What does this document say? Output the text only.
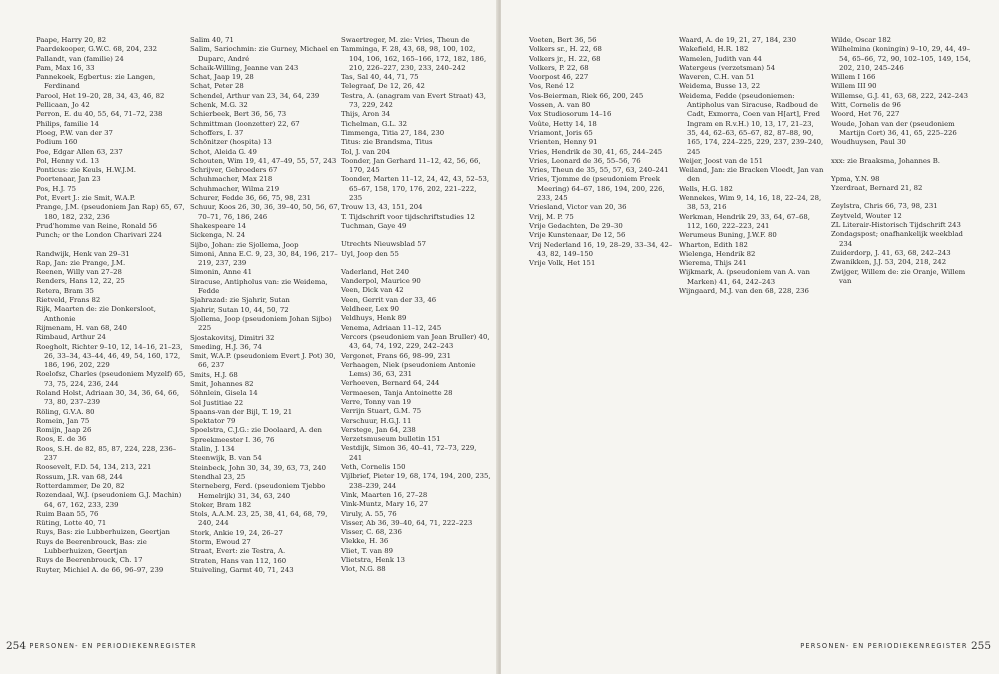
Paape, Harry 20, 82
Paardekooper, G.W.C. 68, 204, 232
Pallandt, van (familie) 24
Pam, Max 16, 33
Pannekoek, Egbertus: zie Langen, Ferdinand
Parool, Het 19–20, 28, 34, 43, 46, 82
Pellicaan, Jo 42
Perron, E. du 40, 55, 64, 71–72, 238
Philips, familie 14
Ploeg, P.W. van der 37
Podium 160
Poe, Edgar Allen 63, 237
Pol, Henny v.d. 13
Ponticus: zie Keuls, H.W.J.M.
Poortenaar, Jan 23
Pos, H.J. 75
Pot, Evert J.: zie Smit, W.A.P.
Prange, J.M. (pseudoniem Jan Rap) 65, 67, 180, 182, 232, 236
Prud'homme van Reine, Ronald 56
Punch; or the London Charivari 224
Randwijk, Henk van 29–31
Rap, Jan: zie Prange, J.M.
Reenen, Willy van 27–28
Renders, Hans 12, 22, 25
Retera, Bram 35
Rietveld, Frans 82
Rijk, Maarten de: zie Donkersloot, Anthonie
Rijmenam, H. van 68, 240
Rimbaud, Arthur 24
Roegholt, Richter 9–10, 12, 14–16, 21–23, 26, 33–34, 43–44, 46, 49, 54, 160, 172, 186, 196, 202, 229
Roelofsz, Charles (pseudoniem Myzelf) 65, 73, 75, 224, 236, 244
Roland Holst, Adriaan 30, 34, 36, 64, 66, 73, 80, 237–239
Röling, G.V.A. 80
Romein, Jan 75
Romijn, Jaap 26
Roos, E. de 36
Roos, S.H. de 82, 85, 87, 224, 228, 236–237
Roosevelt, F.D. 54, 134, 213, 221
Rossum, J.R. van 68, 244
Rotterdammer, De 20, 82
Rozendaal, W.J. (pseudoniem G.J. Machin) 64, 67, 162, 233, 239
Ruim Baan 55, 76
Rüting, Lotte 40, 71
Ruys, Bas: zie Lubberhuizen, Geertjan
Ruys de Beerenbrouck, Bas: zie Lubberhuizen, Geertjan
Ruys de Beerenbrouck, Ch. 17
Ruyter, Michiel A. de 66, 96–97, 239
Salim 40, 71
Salim, Sariochmin: zie Gurney, Michael en Duparc, André
Schaik-Willing, Jeanne van 243
Schat, Jaap 19, 28
Schat, Peter 28
Schendel, Arthur van 23, 34, 64, 239
Schenk, M.G. 32
Schierbeek, Bert 36, 56, 73
Schmittman (loonzetter) 22, 67
Schoffers, I. 37
Schönitzer (hospita) 13
Schot, Aleida G. 49
Schouten, Wim 19, 41, 47–49, 55, 57, 243
Schrijver, Gebroeders 67
Schuhmacher, Max 218
Schuhmacher, Wilma 219
Schurer, Fedde 36, 66, 75, 98, 231
Schuur, Koos 26, 30, 36, 39–40, 50, 56, 67, 70–71, 76, 186, 246
Shakespeare 14
Sickenga, N. 24
Sijbo, Johan: zie Sjollema, Joop
Simoni, Anna E.C. 9, 23, 30, 84, 196, 217–219, 237, 239
Simonin, Anne 41
Siracuse, Antipholus van: zie Weidema, Fedde
Sjahrazad: zie Sjahrir, Sutan
Sjahrir, Sutan 10, 44, 50, 72
Sjollema, Joop (pseudoniem Johan Sijbo) 225
Sjostakovitsj, Dimitri 32
Smeding, H.J. 36, 74
Smit, W.A.P. (pseudoniem Evert J. Pot) 30, 66, 237
Smits, H.J. 68
Smit, Johannes 82
Söhnlein, Gisela 14
Sol Justitiae 22
Spaans-van der Bijl, T. 19, 21
Spektator 79
Spoelstra, C.J.G.: zie Doolaard, A. den
Spreekmeester I. 36, 76
Stalin, J. 134
Steenwijk, B. van 54
Steinbeck, John 30, 34, 39, 63, 73, 240
Stendhal 23, 25
Sterneberg, Ferd. (pseudoniem Tjebbo Hemelrijk) 31, 34, 63, 240
Stoker, Bram 182
Stols, A.A.M. 23, 25, 38, 41, 64, 68, 79, 240, 244
Stork, Ankie 19, 24, 26–27
Storm, Ewoud 27
Straat, Evert: zie Testra, A.
Straten, Hans van 112, 160
Stuiveling, Garmt 40, 71, 243
Swaertreger, M. zie: Vries, Theun de
Tamminga, F. 28, 43, 68, 98, 100, 102, 104, 106, 162, 165–166, 172, 182, 186, 210, 226–227, 230, 233, 240–242
Tas, Sal 40, 44, 71, 75
Telegraaf, De 12, 26, 42
Testra, A. (anagram van Evert Straat) 43, 73, 229, 242
Thijs, Aron 34
Tichelman, G.L. 32
Timmenga, Titia 27, 184, 230
Titus: zie Brandsma, Titus
Tol, J. van 204
Toonder, Jan Gerhard 11–12, 42, 56, 66, 170, 245
Toonder, Marten 11–12, 24, 42, 43, 52–53, 65–67, 158, 170, 176, 202, 221–222, 235
Trouw 13, 43, 151, 204
T. Tijdschrift voor tijdschriftstudies 12
Tuchman, Gaye 49
Utrechts Nieuwsblad 57
Uyl, Joop den 55
Vaderland, Het 240
Vanderpol, Maurice 90
Veen, Dick van 42
Veen, Gerrit van der 33, 46
Veldheer, Lex 90
Veldhuys, Henk 89
Venema, Adriaan 11–12, 245
Vercors (pseudoniem van Jean Bruller) 40, 43, 64, 74, 192, 229, 242–243
Vergonet, Frans 66, 98–99, 231
Verhaagen, Niek (pseudoniem Antonie Lems) 36, 63, 231
Verhoeven, Bernard 64, 244
Vermaesen, Tanja Antoinette 28
Verre, Tonny van 19
Verrijn Stuart, G.M. 75
Verschuur, H.G.J. 11
Verstege, Jan 64, 238
Verzetsmuseum bulletin 151
Vestdijk, Simon 36, 40–41, 72–73, 229, 241
Veth, Cornelis 150
Vijlbrief, Pieter 19, 68, 174, 194, 200, 235, 238–239, 244
Vink, Maarten 16, 27–28
Vink-Muntz, Mary 16, 27
Viruly, A. 55, 76
Visser, Ab 36, 39–40, 64, 71, 222–223
Visser, C. 68, 236
Vlekke, H. 36
Vliet, T. van 89
Vlietstra, Henk 13
Vlot, N.G. 88
254 PERSONEN- EN PERIODIEKENREGISTER
Voeten, Bert 36, 56
Volkers sr., H. 22, 68
Volkers jr., H. 22, 68
Volkers, P. 22, 68
Voorpost 46, 227
Vos, René 12
Vos-Beierman, Riek 66, 200, 245
Vossen, A. van 80
Vox Studiosorum 14–16
Voûte, Hetty 14, 18
Vriamont, Joris 65
Vrienten, Henny 91
Vries, Hendrik de 30, 41, 65, 244–245
Vries, Leonard de 36, 55–56, 76
Vries, Theun de 35, 55, 57, 63, 240–241
Vries, Tjomme de (pseudoniem Freek Meering) 64–67, 186, 194, 200, 226, 233, 245
Vriesland, Victor van 20, 36
Vrij, M. P. 75
Vrije Gedachten, De 29–30
Vrije Kunstenaar, De 12, 56
Vrij Nederland 16, 19, 28–29, 33–34, 42–43, 82, 149–150
Vrije Volk, Het 151
Waard, A. de 19, 21, 27, 184, 230
Wakefield, H.R. 182
Wamelen, Judith van 44
Watergeus (verzetsman) 54
Waveren, C.H. van 51
Weidema, Busse 13, 22
Weidema, Fedde (pseudoniemen: Antipholus van Siracuse, Radboud de Cadt, Exmorra, Coen van H[art], Fred Ingram en R.v.H.) 10, 13, 17, 21–23, 35, 44, 62–63, 65–67, 82, 87–88, 90, 165, 174, 224–225, 229, 237, 239–240, 245
Weijer, Joost van de 151
Weiland, Jan: zie Bracken Vloedt, Jan van den
Wells, H.G. 182
Wennekes, Wim 9, 14, 16, 18, 22–24, 28, 38, 53, 216
Werkman, Hendrik 29, 33, 64, 67–68, 112, 160, 222–223, 241
Werumeus Buning, J.W.F. 80
Wharton, Edith 182
Wielenga, Hendrik 82
Wierema, Thijs 241
Wijkmark, A. (pseudoniem van A. van Marken) 41, 64, 242–243
Wijngaard, M.J. van den 68, 228, 236
Wilde, Oscar 182
Wilhelmina (koningin) 9–10, 29, 44, 49–54, 65–66, 72, 90, 102–105, 149, 154, 202, 210, 245–246
Willem I 166
Willem III 90
Willemse, G.J. 41, 63, 68, 222, 242–243
Witt, Cornelis de 96
Woord, Het 76, 227
Woude, Johan van der (pseudoniem Martijn Cort) 36, 41, 65, 225–226
Woudhuysen, Paul 30
xxx: zie Braaksma, Johannes B.
Ypma, Y.N. 98
Yzerdraat, Bernard 21, 82
Zeylstra, Chris 66, 73, 98, 231
Zeytveld, Wouter 12
ZL Literair-Historisch Tijdschrift 243
Zondagspost; onafhankelijk weekblad 234
Zuiderdorp, J. 41, 63, 68, 242–243
Zwanikken, J.J. 53, 204, 218, 242
Zwijger, Willem de: zie Oranje, Willem van
PERSONEN- EN PERIODIEKENREGISTER 255
